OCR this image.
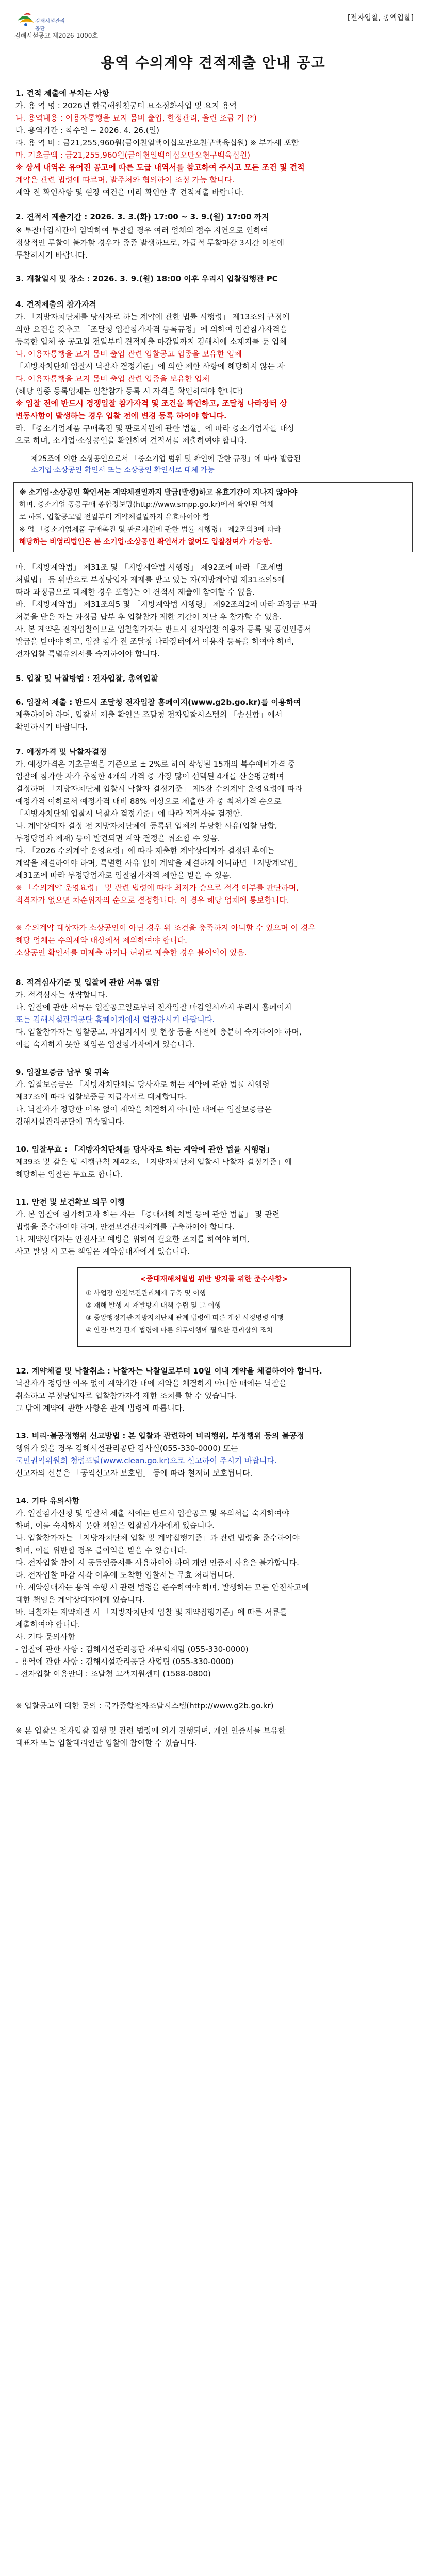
김해시설관리공단
김해시설공고 제2026-1000호
[전자입찰, 총액입찰]
용역 수의계약 견적제출 안내 공고
1. 견적 제출에 부치는 사항
가. 용 역 명 : 2026년 한국해월천궁터 묘소정화사업 및 요지 용역
나. 용역내용 : 이용자통행을 묘지 몸비 출입, 한정관리, 올린 조금 기 (*)
다. 용역기간 : 착수일 ~ 2026. 4. 26.(일)
라. 용 역 비 : 금21,255,960원(금이천일백이십오만오천구백육십원) ※ 부가세 포함
마. 기초금액 : 금21,255,960원(금이천일백이십오만오천구백육십원)
※ 상세 내역은 유어진 공고에 따른 도급 내역서를 참고하여 주시고 모든 조건 및 견적
계약은 관련 법령에 따르며, 발주처와 협의하여 조정 가능 합니다.
계약 전 확인사항 및 현장 여건을 미리 확인한 후 견적제출 바랍니다.
2. 견적서 제출기간 : 2026. 3. 3.(화) 17:00 ~ 3. 9.(월) 17:00 까지
※ 투찰마감시간이 임박하여 투찰할 경우 여러 업체의 접수 지연으로 인하여
정상적인 투찰이 불가할 경우가 종종 발생하므로, 가급적 투찰마감 3시간 이전에
투찰하시기 바랍니다.
3. 개찰일시 및 장소 : 2026. 3. 9.(월) 18:00 이후 우리시 입찰집행관 PC
4. 견적제출의 참가자격
가. 「지방자치단체를 당사자로 하는 계약에 관한 법률 시행령」 제13조의 규정에
의한 요건을 갖추고 「조달청 입찰참가자격 등록규정」에 의하여 입찰참가자격을
등록한 업체 중 공고일 전일부터 견적제출 마감일까지 김해시에 소재지를 둔 업체
나. 이용자통행을 묘지 몸비 출입 관련 입찰공고 업종을 보유한 업체
「지방자치단체 입찰시 낙찰자 결정기준」에 의한 제한 사항에 해당하지 않는 자
다. 이용자통행을 묘지 몸비 출입 관련 업종을 보유한 업체
(해당 업종 등록업체는 입찰참가 등록 시 자격을 확인하여야 합니다)
※ 입찰 전에 반드시 경쟁입찰 참가자격 및 조건을 확인하고, 조달청 나라장터 상
변동사항이 발생하는 경우 입찰 전에 변경 등록 하여야 합니다.
라. 「중소기업제품 구매촉진 및 판로지원에 관한 법률」에 따라 중소기업자를 대상
으로 하며, 소기업·소상공인을 확인하여 견적서를 제출하여야 합니다.
제25조에 의한 소상공인으로서 「중소기업 범위 및 확인에 관한 규정」에 따라 발급된
소기업·소상공인 확인서 또는 소상공인 확인서로 대체 가능
※ 소기업·소상공인 확인서는 계약체결일까지 발급(발생)하고 유효기간이 지나지 않아야
하며, 중소기업 공공구매 종합정보망(http://www.smpp.go.kr)에서 확인된 업체
로 하되, 입찰공고일 전일부터 계약체결일까지 유효하여야 함
※ 업 「중소기업제품 구매촉진 및 판로지원에 관한 법률 시행령」 제2조의3에 따라
해당하는 비영리법인은 본 소기업·소상공인 확인서가 없어도 입찰참여가 가능함.
마. 「지방계약법」 제31조 및 「지방계약법 시행령」 제92조에 따라 「조세범
처벌법」 등 위반으로 부정당업자 제재를 받고 있는 자(지방계약법 제31조의5에
따라 과징금으로 대체한 경우 포함)는 이 견적서 제출에 참여할 수 없음.
바. 「지방계약법」 제31조의5 및 「지방계약법 시행령」 제92조의2에 따라 과징금 부과
처분을 받은 자는 과징금 납부 후 입찰참가 제한 기간이 지난 후 참가할 수 있음.
사. 본 계약은 전자입찰이므로 입찰참가자는 반드시 전자입찰 이용자 등록 및 공인인증서
발급을 받아야 하고, 입찰 참가 전 조달청 나라장터에서 이용자 등록을 하여야 하며,
전자입찰 특별유의서를 숙지하여야 합니다.
5. 입찰 및 낙찰방법 : 전자입찰, 총액입찰
6. 입찰서 제출 : 반드시 조달청 전자입찰 홈페이지(www.g2b.go.kr)를 이용하여
제출하여야 하며, 입찰서 제출 확인은 조달청 전자입찰시스템의 「송신함」에서
확인하시기 바랍니다.
7. 예정가격 및 낙찰자결정
가. 예정가격은 기초금액을 기준으로 ± 2%로 하여 작성된 15개의 복수예비가격 중
입찰에 참가한 자가 추첨한 4개의 가격 중 가장 많이 선택된 4개를 산술평균하여
결정하며 「지방자치단체 입찰시 낙찰자 결정기준」 제5장 수의계약 운영요령에 따라
예정가격 이하로서 예정가격 대비 88% 이상으로 제출한 자 중 최저가격 순으로
「지방자치단체 입찰시 낙찰자 결정기준」에 따라 적격자를 결정함.
나. 계약상대자 결정 전 지방자치단체에 등록된 업체의 부당한 사유(입찰 담합,
부정당업자 제재) 등이 발견되면 계약 결정을 취소할 수 있음.
다. 「2026 수의계약 운영요령」에 따라 제출한 계약상대자가 결정된 후에는
계약을 체결하여야 하며, 특별한 사유 없이 계약을 체결하지 아니하면 「지방계약법」
제31조에 따라 부정당업자로 입찰참가자격 제한을 받을 수 있음.
※ 「수의계약 운영요령」 및 관련 법령에 따라 최저가 순으로 적격 여부를 판단하며,
적격자가 없으면 차순위자의 순으로 결정합니다. 이 경우 해당 업체에 통보합니다.
※ 수의계약 대상자가 소상공인이 아닌 경우 위 조건을 충족하지 아니할 수 있으며 이 경우
해당 업체는 수의계약 대상에서 제외하여야 합니다.
소상공인 확인서를 미제출 하거나 허위로 제출한 경우 불이익이 있음.
8. 적격심사기준 및 입찰에 관한 서류 열람
가. 적격심사는 생략합니다.
나. 입찰에 관한 서류는 입찰공고일로부터 전자입찰 마감일시까지 우리시 홈페이지
또는 김해시설관리공단 홈페이지에서 열람하시기 바랍니다.
다. 입찰참가자는 입찰공고, 과업지시서 및 현장 등을 사전에 충분히 숙지하여야 하며,
이를 숙지하지 못한 책임은 입찰참가자에게 있습니다.
9. 입찰보증금 납부 및 귀속
가. 입찰보증금은 「지방자치단체를 당사자로 하는 계약에 관한 법률 시행령」
제37조에 따라 입찰보증금 지급각서로 대체합니다.
나. 낙찰자가 정당한 이유 없이 계약을 체결하지 아니한 때에는 입찰보증금은
김해시설관리공단에 귀속됩니다.
10. 입찰무효 : 「지방자치단체를 당사자로 하는 계약에 관한 법률 시행령」
제39조 및 같은 법 시행규칙 제42조, 「지방자치단체 입찰시 낙찰자 결정기준」에
해당하는 입찰은 무효로 합니다.
11. 안전 및 보건확보 의무 이행
가. 본 입찰에 참가하고자 하는 자는 「중대재해 처벌 등에 관한 법률」 및 관련
법령을 준수하여야 하며, 안전보건관리체계를 구축하여야 합니다.
나. 계약상대자는 안전사고 예방을 위하여 필요한 조치를 하여야 하며,
사고 발생 시 모든 책임은 계약상대자에게 있습니다.
<중대재해처벌법 위반 방지를 위한 준수사항>
① 사업장 안전보건관리체계 구축 및 이행
② 재해 발생 시 재발방지 대책 수립 및 그 이행
③ 중앙행정기관·지방자치단체 관계 법령에 따른 개선 시정명령 이행
④ 안전·보건 관계 법령에 따른 의무이행에 필요한 관리상의 조치
12. 계약체결 및 낙찰취소 : 낙찰자는 낙찰일로부터 10일 이내 계약을 체결하여야 합니다.
낙찰자가 정당한 이유 없이 계약기간 내에 계약을 체결하지 아니한 때에는 낙찰을
취소하고 부정당업자로 입찰참가자격 제한 조치를 할 수 있습니다.
그 밖에 계약에 관한 사항은 관계 법령에 따릅니다.
13. 비리·불공정행위 신고방법 : 본 입찰과 관련하여 비리행위, 부정행위 등의 불공정
행위가 있을 경우 김해시설관리공단 감사실(055-330-0000) 또는
국민권익위원회 청렴포털(www.clean.go.kr)으로 신고하여 주시기 바랍니다.
신고자의 신분은 「공익신고자 보호법」 등에 따라 철저히 보호됩니다.
14. 기타 유의사항
가. 입찰참가신청 및 입찰서 제출 시에는 반드시 입찰공고 및 유의서를 숙지하여야
하며, 이를 숙지하지 못한 책임은 입찰참가자에게 있습니다.
나. 입찰참가자는 「지방자치단체 입찰 및 계약집행기준」과 관련 법령을 준수하여야
하며, 이를 위반할 경우 불이익을 받을 수 있습니다.
다. 전자입찰 참여 시 공동인증서를 사용하여야 하며 개인 인증서 사용은 불가합니다.
라. 전자입찰 마감 시각 이후에 도착한 입찰서는 무효 처리됩니다.
마. 계약상대자는 용역 수행 시 관련 법령을 준수하여야 하며, 발생하는 모든 안전사고에
대한 책임은 계약상대자에게 있습니다.
바. 낙찰자는 계약체결 시 「지방자치단체 입찰 및 계약집행기준」에 따른 서류를
제출하여야 합니다.
사. 기타 문의사항
- 입찰에 관한 사항 : 김해시설관리공단 재무회계팀 (055-330-0000)
- 용역에 관한 사항 : 김해시설관리공단 사업팀 (055-330-0000)
- 전자입찰 이용안내 : 조달청 고객지원센터 (1588-0800)
※ 입찰공고에 대한 문의 : 국가종합전자조달시스템(http://www.g2b.go.kr)
※ 본 입찰은 전자입찰 집행 및 관련 법령에 의거 진행되며, 개인 인증서를 보유한
대표자 또는 입찰대리인만 입찰에 참여할 수 있습니다.
